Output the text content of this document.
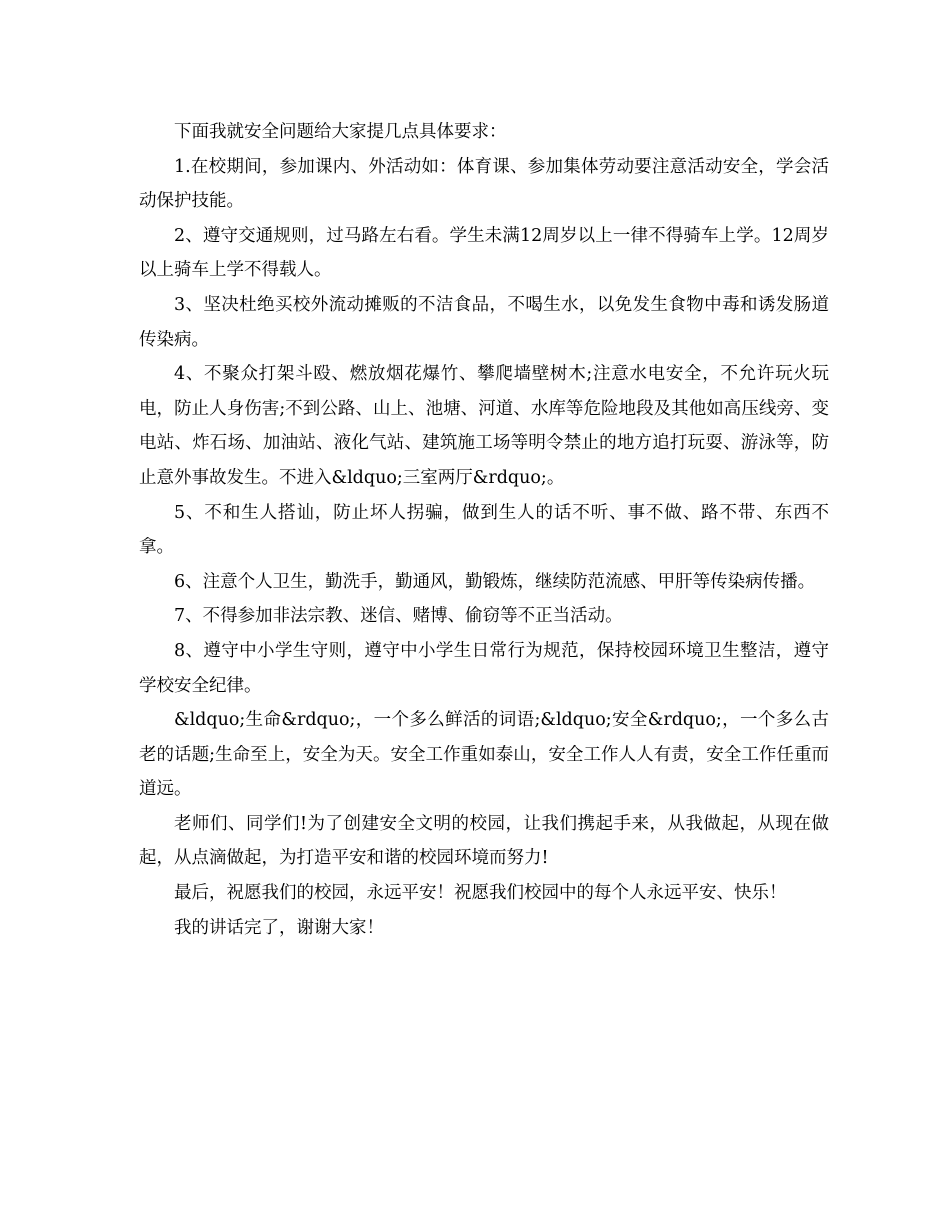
下面我就安全问题给大家提几点具体要求：

1.在校期间，参加课内、外活动如：体育课、参加集体劳动要注意活动安全，学会活动保护技能。

2、遵守交通规则，过马路左右看。学生未满12周岁以上一律不得骑车上学。12周岁以上骑车上学不得载人。

3、坚决杜绝买校外流动摊贩的不洁食品，不喝生水，以免发生食物中毒和诱发肠道传染病。

4、不聚众打架斗殴、燃放烟花爆竹、攀爬墙壁树木;注意水电安全，不允许玩火玩电，防止人身伤害;不到公路、山上、池塘、河道、水库等危险地段及其他如高压线旁、变电站、炸石场、加油站、液化气站、建筑施工场等明令禁止的地方追打玩耍、游泳等，防止意外事故发生。不进入&ldquo;三室两厅&rdquo;。

5、不和生人搭讪，防止坏人拐骗，做到生人的话不听、事不做、路不带、东西不拿。

6、注意个人卫生，勤洗手，勤通风，勤锻炼，继续防范流感、甲肝等传染病传播。

7、不得参加非法宗教、迷信、赌博、偷窃等不正当活动。

8、遵守中小学生守则，遵守中小学生日常行为规范，保持校园环境卫生整洁，遵守学校安全纪律。

&ldquo;生命&rdquo;，一个多么鲜活的词语;&ldquo;安全&rdquo;，一个多么古老的话题;生命至上，安全为天。安全工作重如泰山，安全工作人人有责，安全工作任重而道远。

老师们、同学们!为了创建安全文明的校园，让我们携起手来，从我做起，从现在做起，从点滴做起，为打造平安和谐的校园环境而努力!

最后，祝愿我们的校园，永远平安！祝愿我们校园中的每个人永远平安、快乐！

我的讲话完了，谢谢大家！
